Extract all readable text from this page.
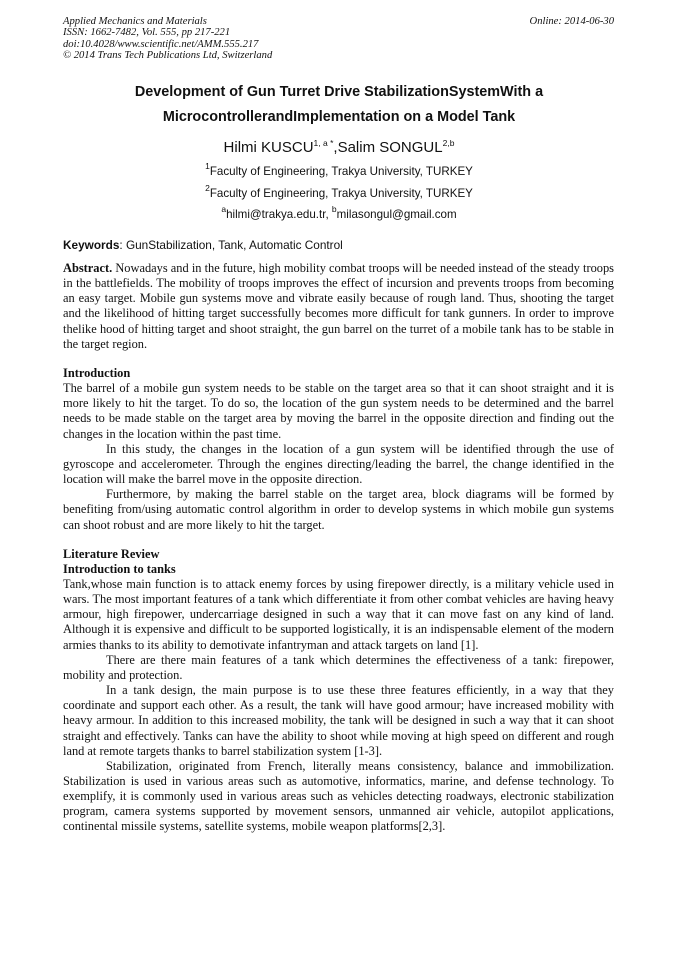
Applied Mechanics and Materials
ISSN: 1662-7482, Vol. 555, pp 217-221
doi:10.4028/www.scientific.net/AMM.555.217
© 2014 Trans Tech Publications Ltd, Switzerland
Online: 2014-06-30
Development of Gun Turret Drive StabilizationSystemWith a
MicrocontrollerandImplementation on a Model Tank
Hilmi $KUSCU^{1, a *},Salim$ SONGUL$^{2,b}$
$^1$Faculty of Engineering, Trakya University, TURKEY
$^2$Faculty of Engineering, Trakya University, TURKEY
$^a$hilmi@trakya.edu.tr, $^b$milasongul@gmail.com
Keywords: GunStabilization, Tank, Automatic Control

Abstract. Nowadays and in the future, high mobility combat troops will be needed instead of the steady troops in the battlefields. The mobility of troops improves the effect of incursion and prevents troops from becoming an easy target. Mobile gun systems move and vibrate easily because of rough land. Thus, shooting the target and the likelihood of hitting target successfully becomes more difficult for tank gunners. In order to improve thelike hood of hitting target and shoot straight, the gun barrel on the turret of a mobile tank has to be stable in the target region.

Introduction

The barrel of a mobile gun system needs to be stable on the target area so that it can shoot straight and it is more likely to hit the target. To do so, the location of the gun system needs to be determined and the barrel needs to be made stable on the target area by moving the barrel in the opposite direction and finding out the changes in the location within the past time.

In this study, the changes in the location of a gun system will be identified through the use of gyroscope and accelerometer. Through the engines directing/leading the barrel, the change identified in the location will make the barrel move in the opposite direction.

Furthermore, by making the barrel stable on the target area, block diagrams will be formed by benefiting from/using automatic control algorithm in order to develop systems in which mobile gun systems can shoot robust and are more likely to hit the target.

Literature Review

Introduction to tanks

Tank,whose main function is to attack enemy forces by using firepower directly, is a military vehicle used in wars. The most important features of a tank which differentiate it from other combat vehicles are having heavy armour, high firepower, undercarriage designed in such a way that it can move fast on any kind of land. Although it is expensive and difficult to be supported logistically, it is an indispensable element of the modern armies thanks to its ability to demotivate infantryman and attack targets on land [1].

There are there main features of a tank which determines the effectiveness of a tank: firepower, mobility and protection.

In a tank design, the main purpose is to use these three features efficiently, in a way that they coordinate and support each other. As a result, the tank will have good armour; have increased mobility with heavy armour. In addition to this increased mobility, the tank will be designed in such a way that it can shoot straight and effectively. Tanks can have the ability to shoot while moving at high speed on different and rough land at remote targets thanks to barrel stabilization system [1-3].

Stabilization, originated from French, literally means consistency, balance and immobilization. Stabilization is used in various areas such as automotive, informatics, marine, and defense technology. To exemplify, it is commonly used in various areas such as vehicles detecting roadways, electronic stabilization program, camera systems supported by movement sensors, unmanned air vehicle, autopilot applications, continental missile systems, satellite systems, mobile weapon platforms[2,3].
